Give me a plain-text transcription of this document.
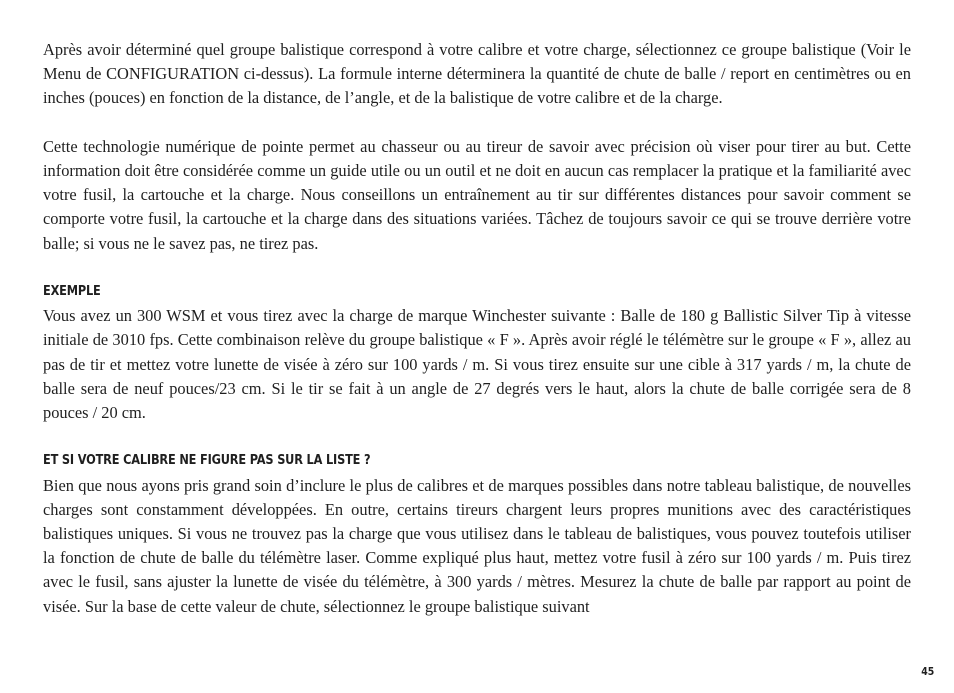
Après avoir déterminé quel groupe balistique correspond à votre calibre et votre charge, sélectionnez ce groupe balistique (Voir le Menu de CONFIGURATION ci-dessus). La formule interne déterminera la quantité de chute de balle / report en centimètres ou en inches (pouces) en fonction de la distance, de l’angle, et de la balistique de votre calibre et de la charge.

Cette technologie numérique de pointe permet au chasseur ou au tireur de savoir avec précision où viser pour tirer au but. Cette information doit être considérée comme un guide utile ou un outil et ne doit en aucun cas remplacer la pratique et la familiarité avec votre fusil, la cartouche et la charge. Nous conseillons un entraînement au tir sur différentes distances pour savoir comment se comporte votre fusil, la cartouche et la charge dans des situations variées. Tâchez de toujours savoir ce qui se trouve derrière votre balle; si vous ne le savez pas, ne tirez pas.

EXEMPLE

Vous avez un 300 WSM et vous tirez avec la charge de marque Winchester suivante : Balle de 180 g Ballistic Silver Tip à vitesse initiale de 3010 fps. Cette combinaison relève du groupe balistique « F ». Après avoir réglé le télémètre sur le groupe « F », allez au pas de tir et mettez votre lunette de visée à zéro sur 100 yards / m. Si vous tirez ensuite sur une cible à 317 yards / m, la chute de balle sera de neuf pouces/23 cm. Si le tir se fait à un angle de 27 degrés vers le haut, alors la chute de balle corrigée sera de 8 pouces / 20 cm.

ET SI VOTRE CALIBRE NE FIGURE PAS SUR LA LISTE ?

Bien que nous ayons pris grand soin d’inclure le plus de calibres et de marques possibles dans notre tableau balistique, de nouvelles charges sont constamment développées. En outre, certains tireurs chargent leurs propres munitions avec des caractéristiques balistiques uniques. Si vous ne trouvez pas la charge que vous utilisez dans le tableau de balistiques, vous pouvez toutefois utiliser la fonction de chute de balle du télémètre laser. Comme expliqué plus haut, mettez votre fusil à zéro sur 100 yards / m. Puis tirez avec le fusil, sans ajuster la lunette de visée du télémètre, à 300 yards / mètres. Mesurez la chute de balle par rapport au point de visée. Sur la base de cette valeur de chute, sélectionnez le groupe balistique suivant

45
